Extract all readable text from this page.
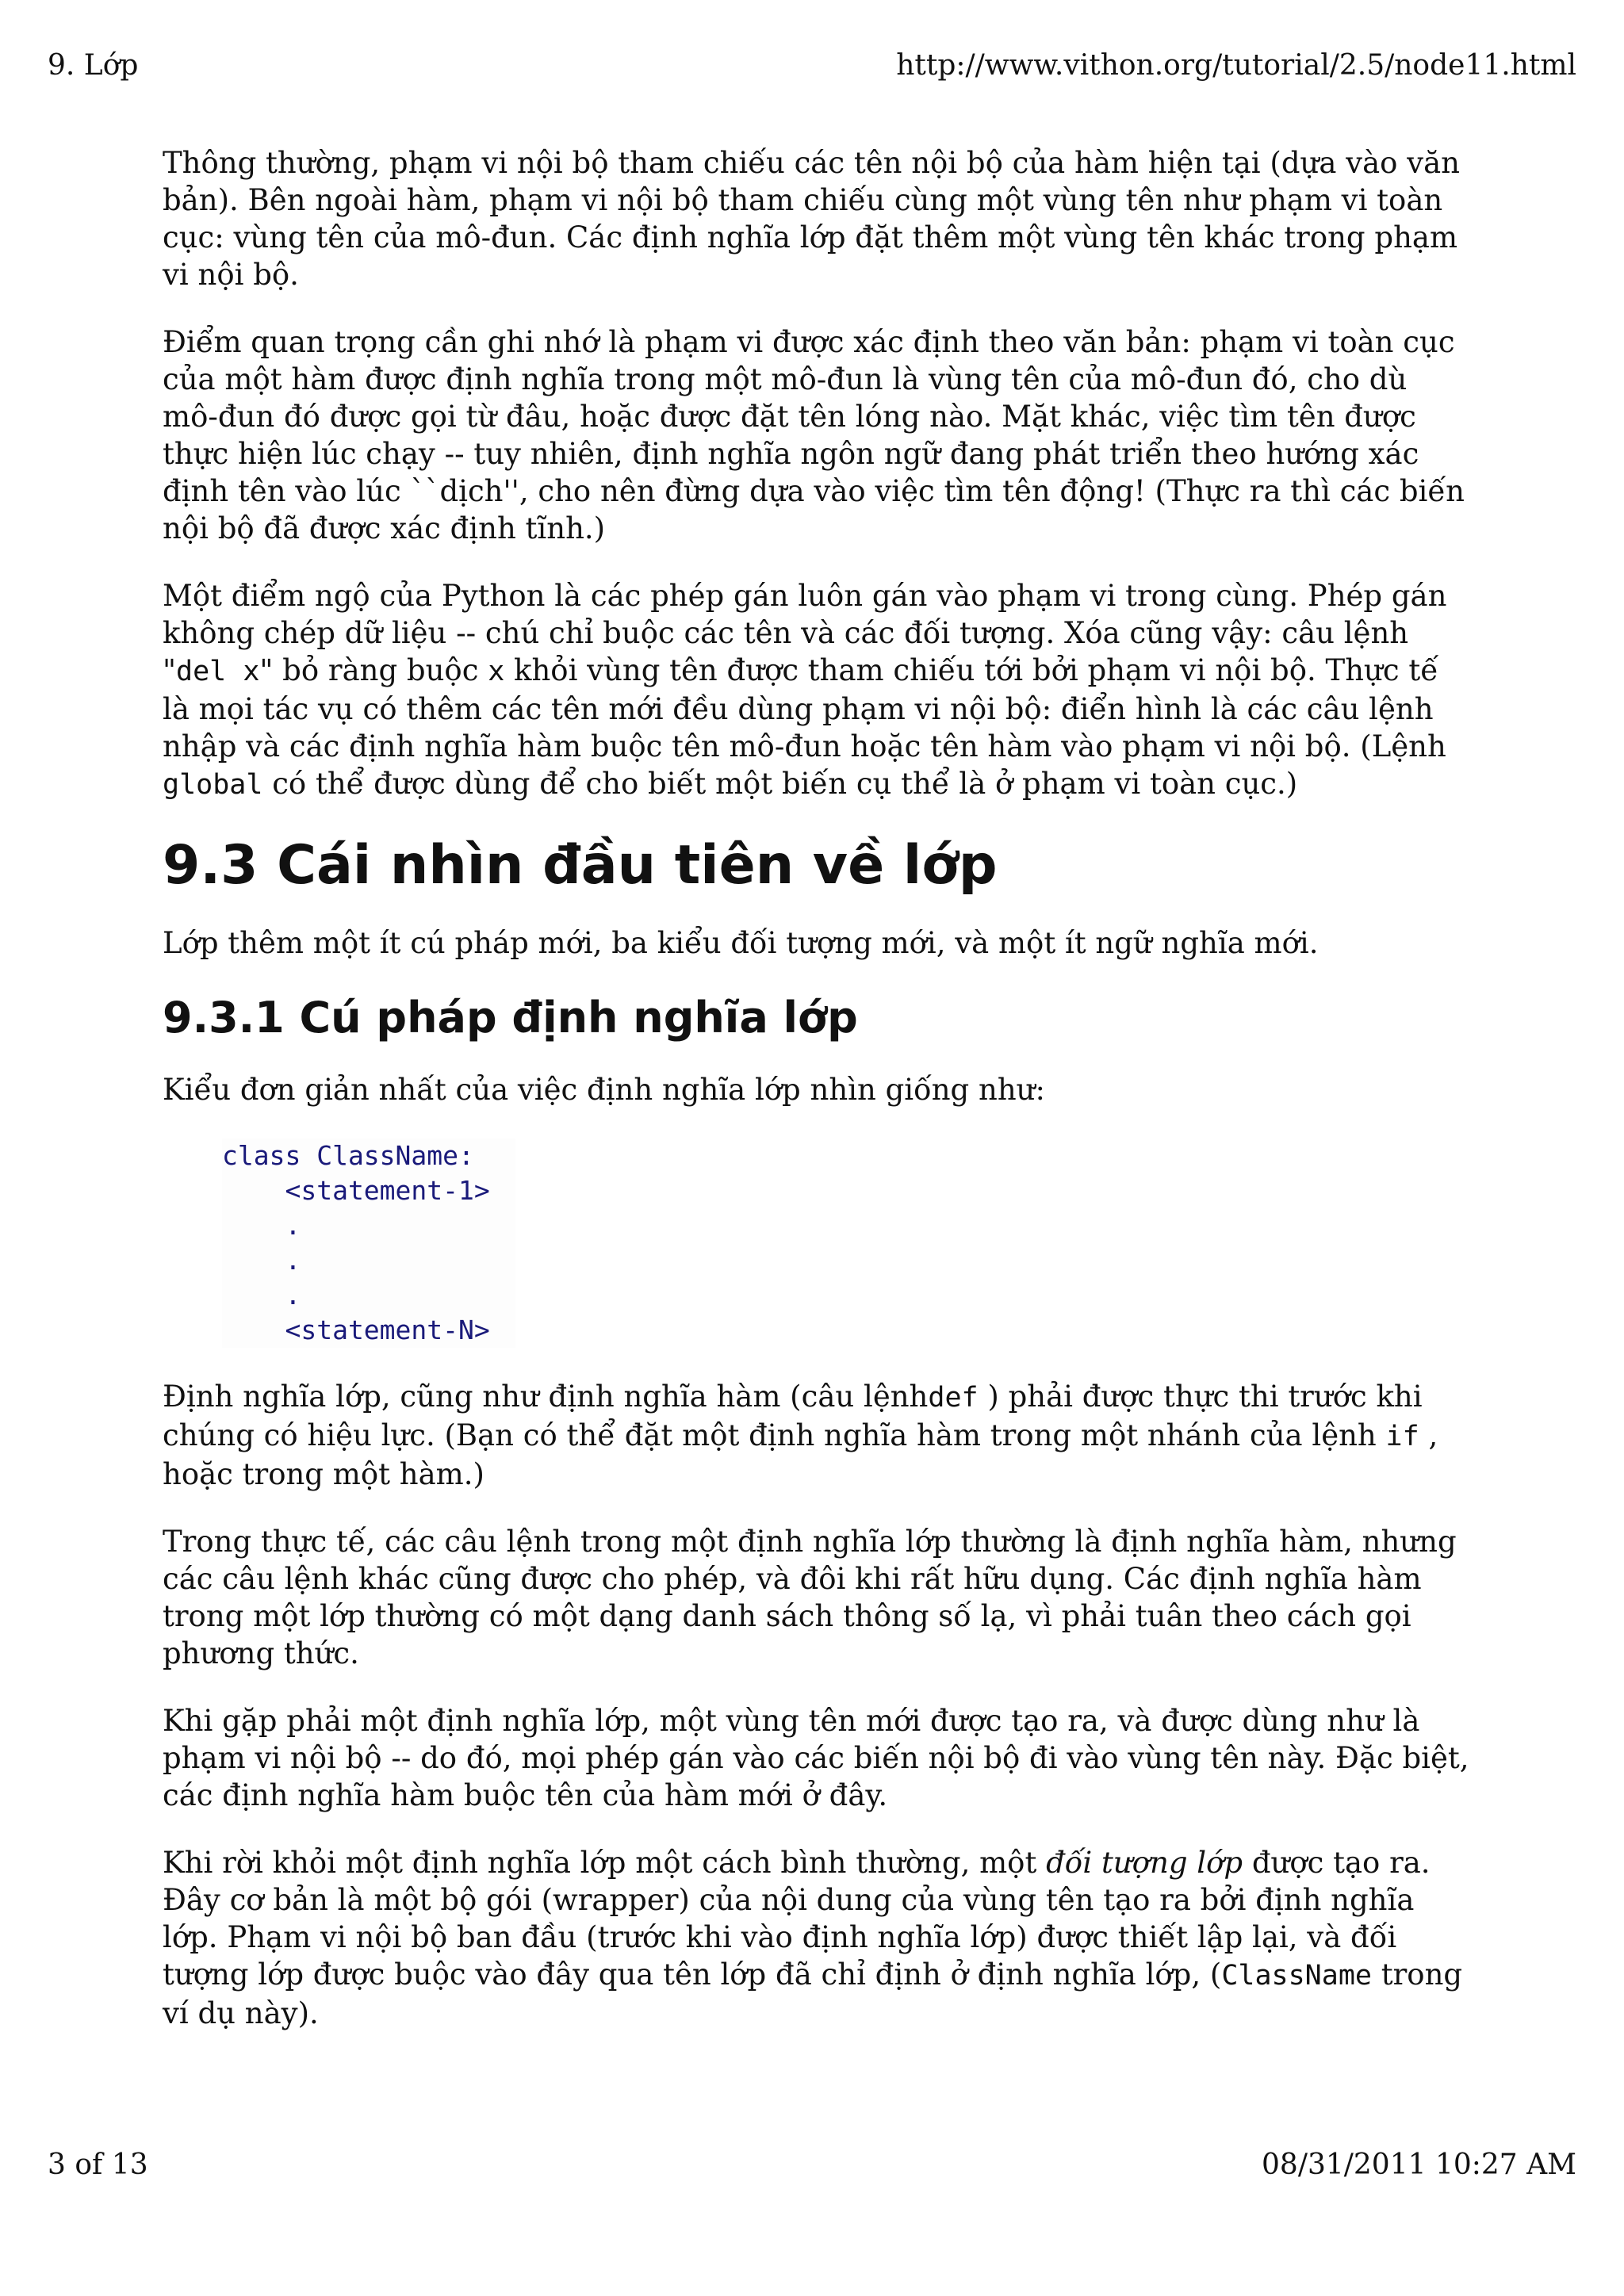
9. Lớp	http://www.vithon.org/tutorial/2.5/node11.html

Thông thường, phạm vi nội bộ tham chiếu các tên nội bộ của hàm hiện tại (dựa vào văn bản). Bên ngoài hàm, phạm vi nội bộ tham chiếu cùng một vùng tên như phạm vi toàn cục: vùng tên của mô-đun. Các định nghĩa lớp đặt thêm một vùng tên khác trong phạm vi nội bộ.

Điểm quan trọng cần ghi nhớ là phạm vi được xác định theo văn bản: phạm vi toàn cục của một hàm được định nghĩa trong một mô-đun là vùng tên của mô-đun đó, cho dù mô-đun đó được gọi từ đâu, hoặc được đặt tên lóng nào. Mặt khác, việc tìm tên được thực hiện lúc chạy -- tuy nhiên, định nghĩa ngôn ngữ đang phát triển theo hướng xác định tên vào lúc ``dịch'', cho nên đừng dựa vào việc tìm tên động! (Thực ra thì các biến nội bộ đã được xác định tĩnh.)

Một điểm ngộ của Python là các phép gán luôn gán vào phạm vi trong cùng. Phép gán không chép dữ liệu -- chú chỉ buộc các tên và các đối tượng. Xóa cũng vậy: câu lệnh "del x" bỏ ràng buộc x khỏi vùng tên được tham chiếu tới bởi phạm vi nội bộ. Thực tế là mọi tác vụ có thêm các tên mới đều dùng phạm vi nội bộ: điển hình là các câu lệnh nhập và các định nghĩa hàm buộc tên mô-đun hoặc tên hàm vào phạm vi nội bộ. (Lệnh global có thể được dùng để cho biết một biến cụ thể là ở phạm vi toàn cục.)

9.3 Cái nhìn đầu tiên về lớp

Lớp thêm một ít cú pháp mới, ba kiểu đối tượng mới, và một ít ngữ nghĩa mới.

9.3.1 Cú pháp định nghĩa lớp

Kiểu đơn giản nhất của việc định nghĩa lớp nhìn giống như:

class ClassName:
<statement-1>
.
.
.
<statement-N>

Định nghĩa lớp, cũng như định nghĩa hàm (câu lệnhdef ) phải được thực thi trước khi chúng có hiệu lực. (Bạn có thể đặt một định nghĩa hàm trong một nhánh của lệnh if , hoặc trong một hàm.)

Trong thực tế, các câu lệnh trong một định nghĩa lớp thường là định nghĩa hàm, nhưng các câu lệnh khác cũng được cho phép, và đôi khi rất hữu dụng. Các định nghĩa hàm trong một lớp thường có một dạng danh sách thông số lạ, vì phải tuân theo cách gọi phương thức.

Khi gặp phải một định nghĩa lớp, một vùng tên mới được tạo ra, và được dùng như là phạm vi nội bộ -- do đó, mọi phép gán vào các biến nội bộ đi vào vùng tên này. Đặc biệt, các định nghĩa hàm buộc tên của hàm mới ở đây.

Khi rời khỏi một định nghĩa lớp một cách bình thường, một đối tượng lớp được tạo ra. Đây cơ bản là một bộ gói (wrapper) của nội dung của vùng tên tạo ra bởi định nghĩa lớp. Phạm vi nội bộ ban đầu (trước khi vào định nghĩa lớp) được thiết lập lại, và đối tượng lớp được buộc vào đây qua tên lớp đã chỉ định ở định nghĩa lớp, (ClassName trong ví dụ này).

3 of 13	08/31/2011 10:27 AM
